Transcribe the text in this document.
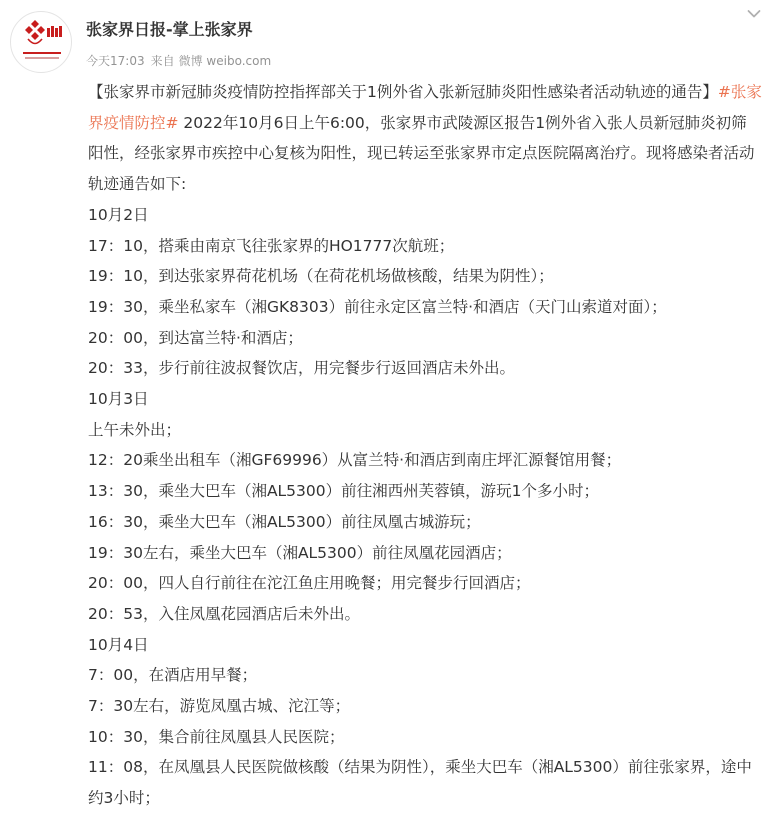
张家界日报-掌上张家界
今天17:03 来自 微博 weibo.com

【张家界市新冠肺炎疫情防控指挥部关于1例外省入张新冠肺炎阳性感染者活动轨迹的通告】#张家界疫情防控# 2022年10月6日上午6:00，张家界市武陵源区报告1例外省入张人员新冠肺炎初筛阳性，经张家界市疾控中心复核为阳性，现已转运至张家界市定点医院隔离治疗。现将感染者活动轨迹通告如下:

10月2日

17：10，搭乘由南京飞往张家界的HO1777次航班；

19：10，到达张家界荷花机场（在荷花机场做核酸，结果为阴性）；

19：30，乘坐私家车（湘GK8303）前往永定区富兰特·和酒店（天门山索道对面）；

20：00，到达富兰特·和酒店；

20：33，步行前往波叔餐饮店，用完餐步行返回酒店未外出。

10月3日

上午未外出；

12：20乘坐出租车（湘GF69996）从富兰特·和酒店到南庄坪汇源餐馆用餐；

13：30，乘坐大巴车（湘AL5300）前往湘西州芙蓉镇，游玩1个多小时；

16：30，乘坐大巴车（湘AL5300）前往凤凰古城游玩；

19：30左右，乘坐大巴车（湘AL5300）前往凤凰花园酒店；

20：00，四人自行前往在沱江鱼庄用晚餐；用完餐步行回酒店；

20：53，入住凤凰花园酒店后未外出。

10月4日

7：00，在酒店用早餐；

7：30左右，游览凤凰古城、沱江等；

10：30，集合前往凤凰县人民医院；

11：08，在凤凰县人民医院做核酸（结果为阴性），乘坐大巴车（湘AL5300）前往张家界，途中约3小时；
